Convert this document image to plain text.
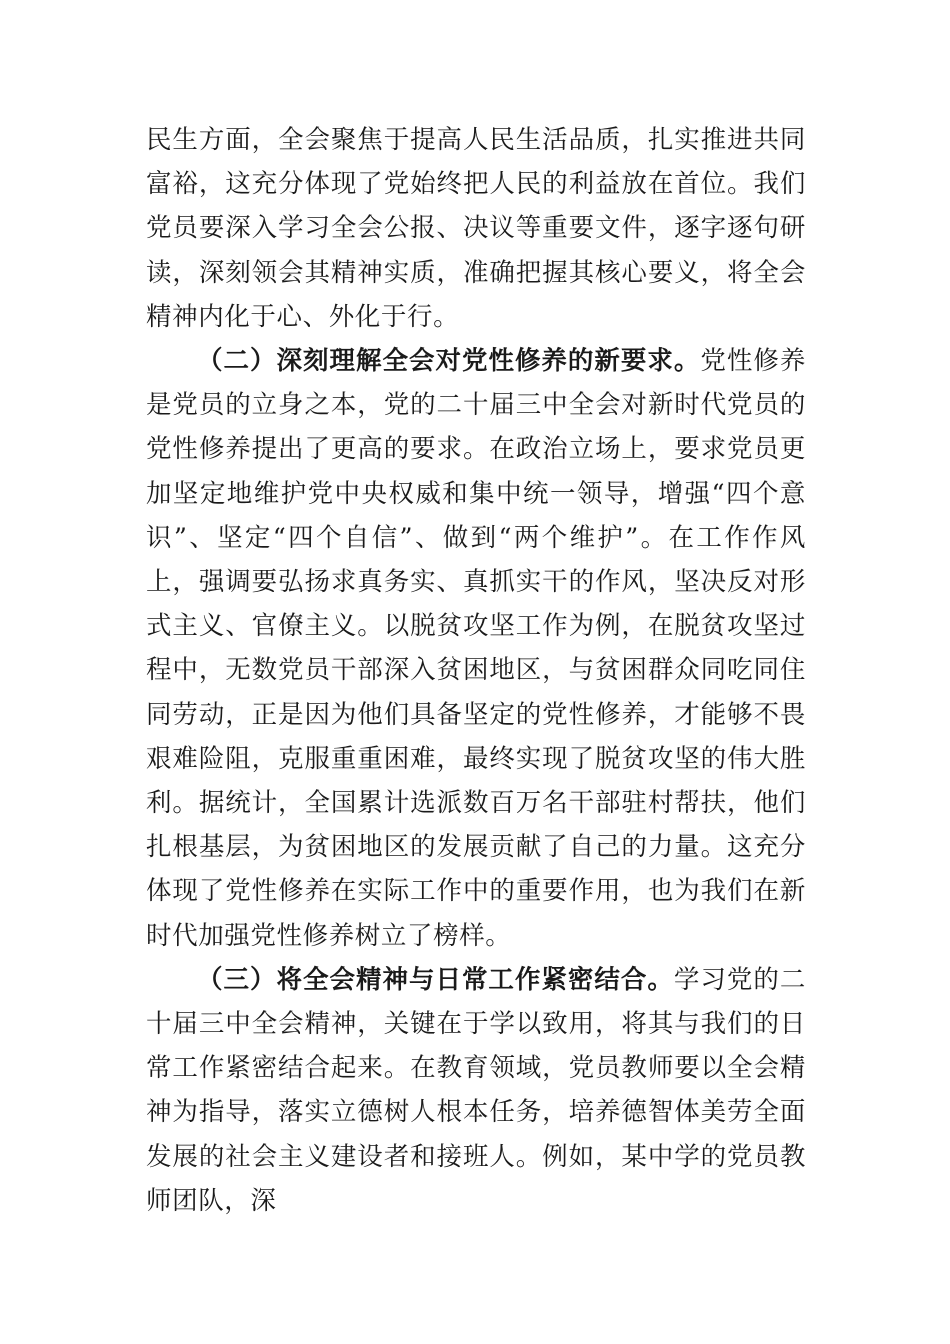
民生方面，全会聚焦于提高人民生活品质，扎实推进共同富裕，这充分体现了党始终把人民的利益放在首位。我们党员要深入学习全会公报、决议等重要文件，逐字逐句研读，深刻领会其精神实质，准确把握其核心要义，将全会精神内化于心、外化于行。

（二）深刻理解全会对党性修养的新要求。党性修养是党员的立身之本，党的二十届三中全会对新时代党员的党性修养提出了更高的要求。在政治立场上，要求党员更加坚定地维护党中央权威和集中统一领导，增强“四个意识”、坚定“四个自信”、做到“两个维护”。在工作作风上，强调要弘扬求真务实、真抓实干的作风，坚决反对形式主义、官僚主义。以脱贫攻坚工作为例，在脱贫攻坚过程中，无数党员干部深入贫困地区，与贫困群众同吃同住同劳动，正是因为他们具备坚定的党性修养，才能够不畏艰难险阻，克服重重困难，最终实现了脱贫攻坚的伟大胜利。据统计，全国累计选派数百万名干部驻村帮扶，他们扎根基层，为贫困地区的发展贡献了自己的力量。这充分体现了党性修养在实际工作中的重要作用，也为我们在新时代加强党性修养树立了榜样。

（三）将全会精神与日常工作紧密结合。学习党的二十届三中全会精神，关键在于学以致用，将其与我们的日常工作紧密结合起来。在教育领域，党员教师要以全会精神为指导，落实立德树人根本任务，培养德智体美劳全面发展的社会主义建设者和接班人。例如，某中学的党员教师团队，深
